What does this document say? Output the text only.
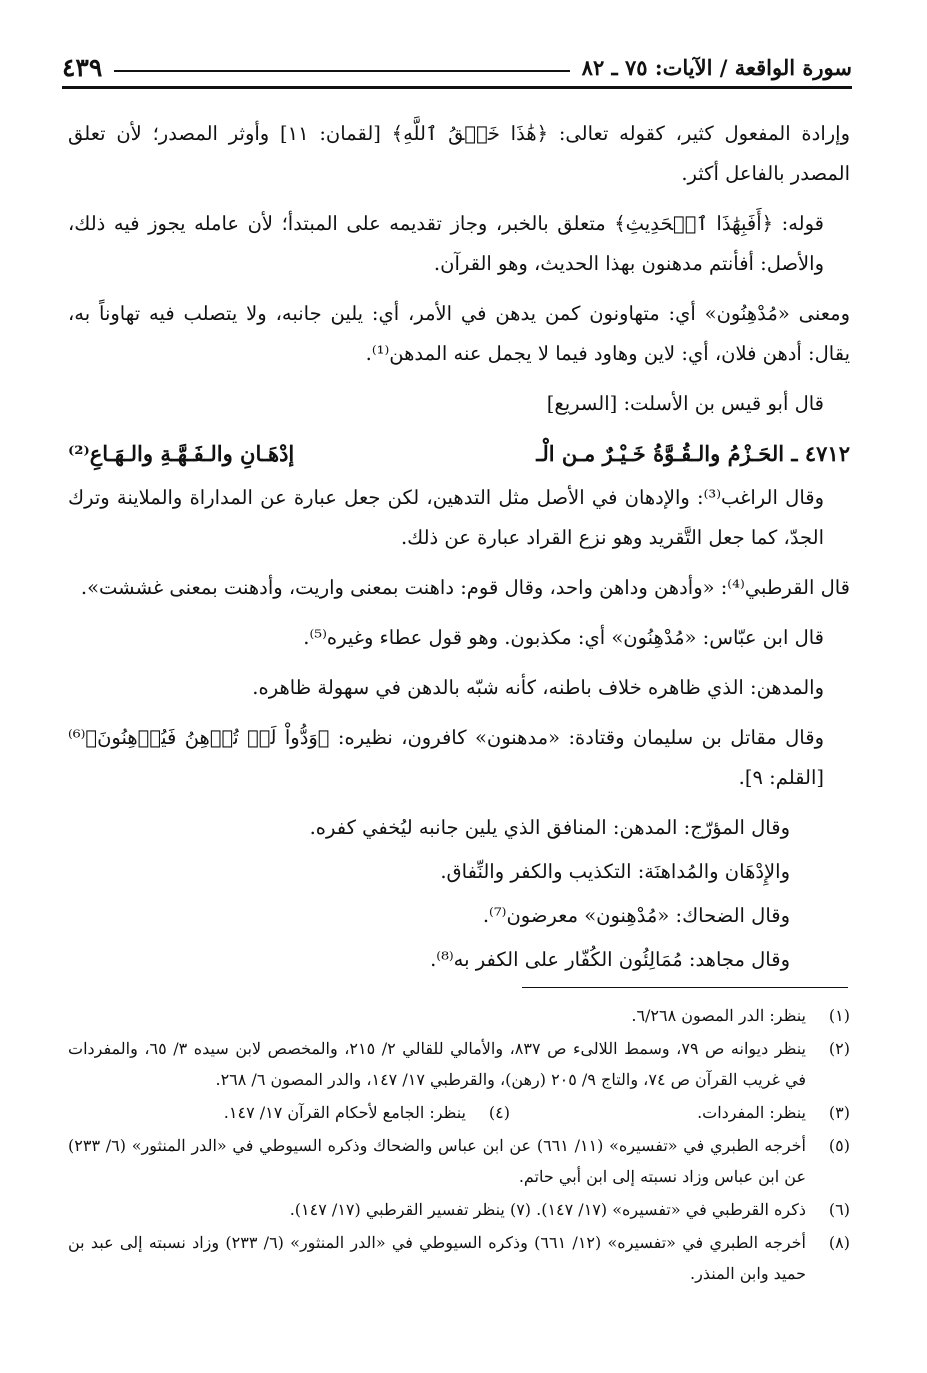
سورة الواقعة / الآيات: ٧٥ ـ ٨٢
٤٣٩

وإرادة المفعول كثير، كقوله تعالى: ﴿هَٰذَا خَلۡقُ ٱللَّهِ﴾ [لقمان: ١١] وأوثر المصدر؛ لأن تعلق المصدر بالفاعل أكثر.

قوله: ﴿أَفَبِهَٰذَا ٱلۡحَدِيثِ﴾ متعلق بالخبر، وجاز تقديمه على المبتدأ؛ لأن عامله يجوز فيه ذلك، والأصل: أفأنتم مدهنون بهذا الحديث، وهو القرآن.

ومعنى «مُدْهِنُون» أي: متهاونون كمن يدهن في الأمر، أي: يلين جانبه، ولا يتصلب فيه تهاوناً به، يقال: أدهن فلان، أي: لاين وهاود فيما لا يجمل عنه المدهن⁽¹⁾.

قال أبو قيس بن الأسلت: [السريع]

٤٧١٢ ـ الحَـزْمُ والـقُـوَّةُ خَـيْـرٌ مـن الْـ
إدْهَـانِ والـفَـهَّـةِ والـهَـاعِ⁽²⁾

وقال الراغب⁽³⁾: والإدهان في الأصل مثل التدهين، لكن جعل عبارة عن المداراة والملاينة وترك الجدّ، كما جعل التَّقريد وهو نزع القراد عبارة عن ذلك.

قال القرطبي⁽⁴⁾: «وأدهن وداهن واحد، وقال قوم: داهنت بمعنى واريت، وأدهنت بمعنى غششت».

قال ابن عبّاس: «مُدْهِنُون» أي: مكذبون. وهو قول عطاء وغيره⁽⁵⁾.

والمدهن: الذي ظاهره خلاف باطنه، كأنه شبّه بالدهن في سهولة ظاهره.

وقال مقاتل بن سليمان وقتادة: «مدهنون» كافرون، نظيره: ﴿وَدُّواْ لَوۡ تُدۡهِنُ فَيُدۡهِنُونَ﴾⁽⁶⁾ [القلم: ٩].

وقال المؤرّج: المدهن: المنافق الذي يلين جانبه ليُخفي كفره.

والإِدْهَان والمُداهنَة: التكذيب والكفر والنِّفاق.

وقال الضحاك: «مُدْهِنون» معرضون⁽⁷⁾.

وقال مجاهد: مُمَالِئُون الكُفّار على الكفر به⁽⁸⁾.

(١)
ينظر: الدر المصون ٦/٢٦٨.
(٢)
ينظر ديوانه ص ٧٩، وسمط اللالىء ص ٨٣٧، والأمالي للقالي ٢/ ٢١٥، والمخصص لابن سيده ٣/ ٦٥، والمفردات في غريب القرآن ص ٧٤، والتاج ٩/ ٢٠٥ (رهن)، والقرطبي ١٧/ ١٤٧، والدر المصون ٦/ ٢٦٨.
(٣)
ينظر: المفردات.
(٤)
ينظر: الجامع لأحكام القرآن ١٧/ ١٤٧.
(٥)
أخرجه الطبري في «تفسيره» (١١/ ٦٦١) عن ابن عباس والضحاك وذكره السيوطي في «الدر المنثور» (٦/ ٢٣٣) عن ابن عباس وزاد نسبته إلى ابن أبي حاتم.
(٦)
ذكره القرطبي في «تفسيره» (١٧/ ١٤٧). (٧) ينظر تفسير القرطبي (١٧/ ١٤٧).
(٨)
أخرجه الطبري في «تفسيره» (١٢/ ٦٦١) وذكره السيوطي في «الدر المنثور» (٦/ ٢٣٣) وزاد نسبته إلى عبد بن حميد وابن المنذر.
